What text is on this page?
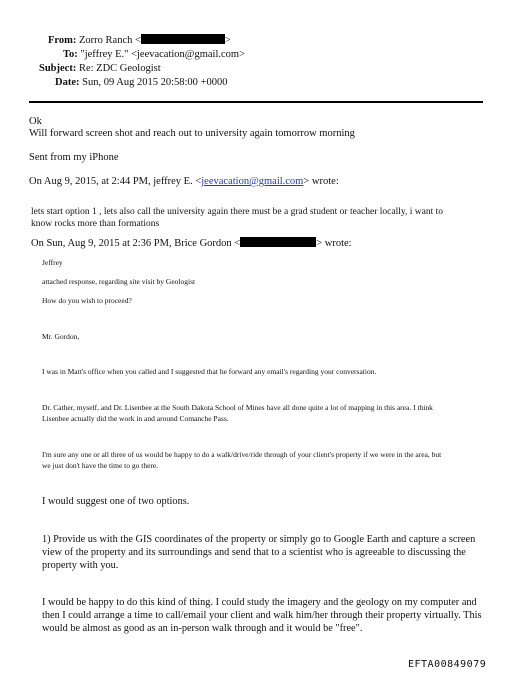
From: Zorro Ranch <	>
To: "jeffrey E." <jeevacation@gmail.com>
Subject: Re: ZDC Geologist
Date: Sun, 09 Aug 2015 20:58:00 +0000
Ok
Will forward screen shot and reach out to university again tomorrow morning
Sent from my iPhone
On Aug 9, 2015, at 2:44 PM, jeffrey E. <jeevacation@gmail.com> wrote:
lets start option 1 , lets also call the university again there must be a grad student or teacher locally, i want to
know rocks more than formations
On Sun, Aug 9, 2015 at 2:36 PM, Brice Gordon <	> wrote:
Jeffrey
attached response, regarding site visit by Geologist
How do you wish to proceed?
Mr. Gordon,
I was in Matt's office when you called and I suggested that he forward any email's regarding your conversation.
Dr. Cather, myself, and Dr. Lisenbee at the South Dakota School of Mines have all done quite a lot of mapping in this area. I think
Lisenbee actually did the work in and around Comanche Pass.
I'm sure any one or all three of us would be happy to do a walk/drive/ride through of your client's property if we were in the area, but
we just don't have the time to go there.
I would suggest one of two options.
1) Provide us with the GIS coordinates of the property or simply go to Google Earth and capture a screen
view of the property and its surroundings and send that to a scientist who is agreeable to discussing the
property with you.
I would be happy to do this kind of thing. I could study the imagery and the geology on my computer and
then I could arrange a time to call/email your client and walk him/her through their property virtually. This
would be almost as good as an in-person walk through and it would be "free".
EFTA00849079
